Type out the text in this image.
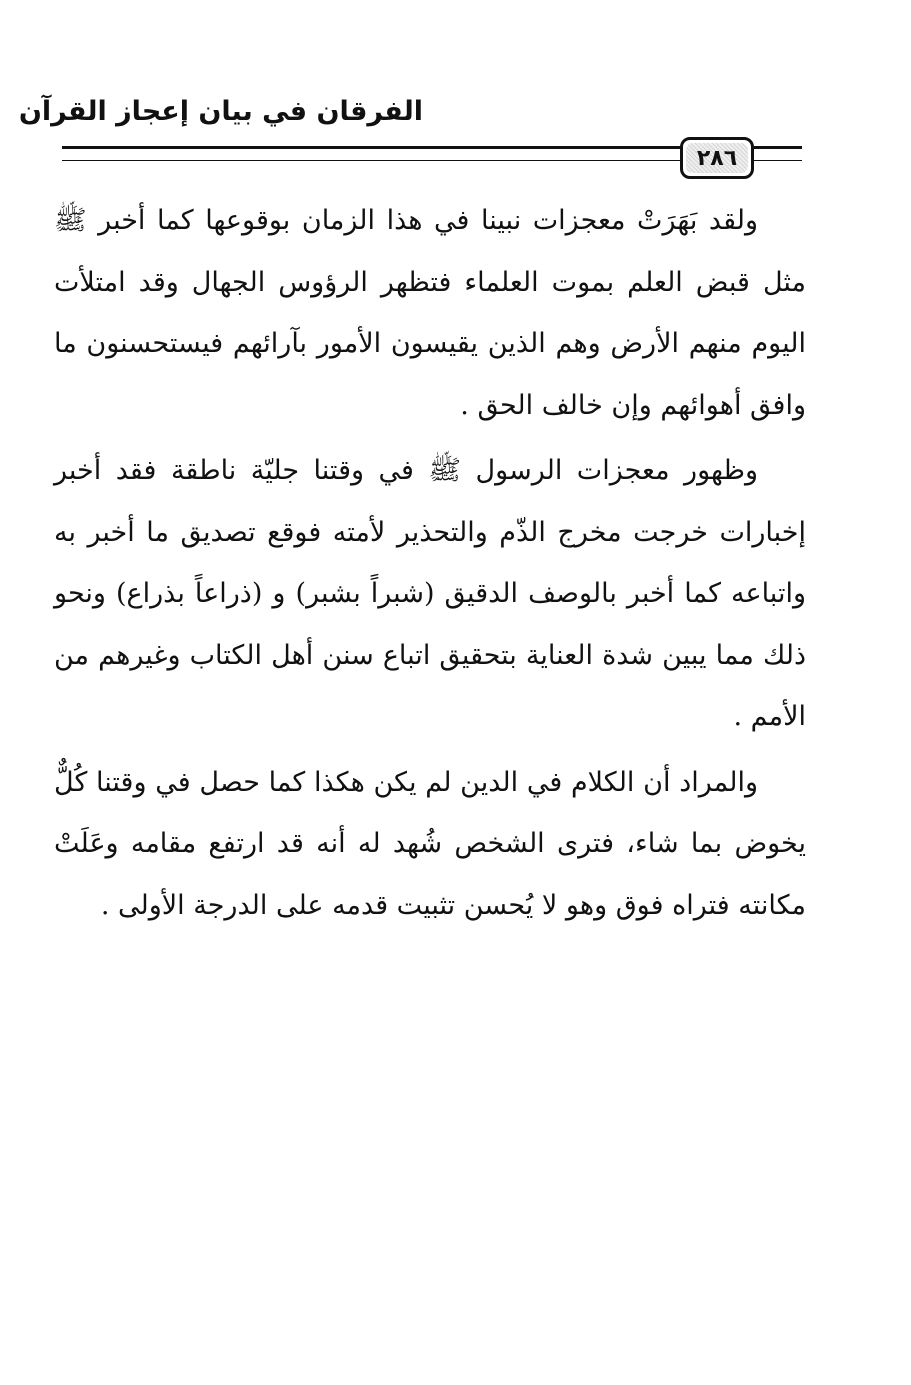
الفرقان في بيان إعجاز القرآن
٢٨٦

ولقد بَهَرَتْ معجزات نبينا في هذا الزمان بوقوعها كما أخبر ﷺ مثل قبض العلم بموت العلماء فتظهر الرؤوس الجهال وقد امتلأت اليوم منهم الأرض وهم الذين يقيسون الأمور بآرائهم فيستحسنون ما وافق أهوائهم وإن خالف الحق .

وظهور معجزات الرسول ﷺ في وقتنا جليّة ناطقة فقد أخبر إخبارات خرجت مخرج الذّم والتحذير لأمته فوقع تصديق ما أخبر به واتباعه كما أخبر بالوصف الدقيق (شبراً بشبر) و (ذراعاً بذراع) ونحو ذلك مما يبين شدة العناية بتحقيق اتباع سنن أهل الكتاب وغيرهم من الأمم .

والمراد أن الكلام في الدين لم يكن هكذا كما حصل في وقتنا كُلٌّ يخوض بما شاء، فترى الشخص شُهد له أنه قد ارتفع مقامه وعَلَتْ مكانته فتراه فوق وهو لا يُحسن تثبيت قدمه على الدرجة الأولى .
